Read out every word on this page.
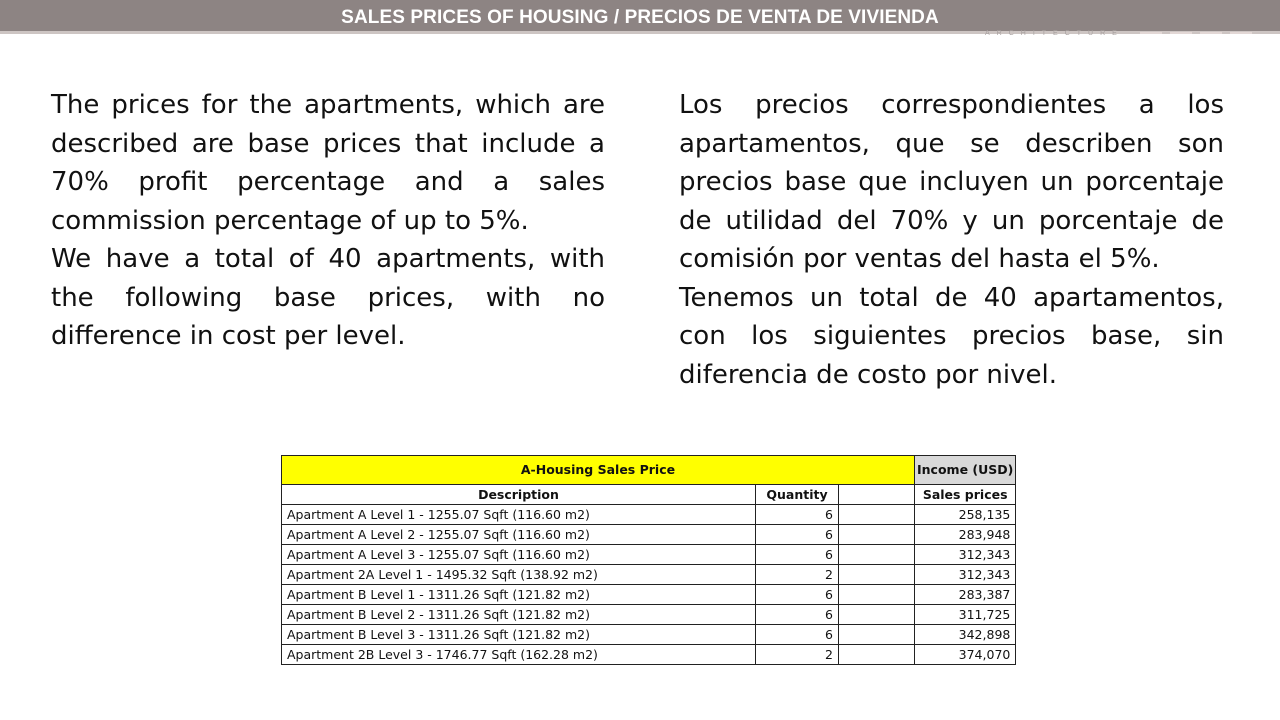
SALES PRICES OF HOUSING / PRECIOS DE VENTA DE VIVIENDA
ARCHITECTURE

The prices for the apartments, which are described are base prices that include a 70% profit percentage and a sales commission percentage of up to 5%.

We have a total of 40 apartments, with the following base prices, with no difference in cost per level.

Los precios correspondientes a los apartamentos, que se describen son precios base que incluyen un porcentaje de utilidad del 70% y un porcentaje de comisión por ventas del hasta el 5%.

Tenemos un total de 40 apartamentos, con los siguientes precios base, sin diferencia de costo por nivel.

A-Housing Sales Price			Income (USD)
Description	Quantity		Sales prices
Apartment A Level 1 - 1255.07 Sqft (116.60 m2)	6		258,135
Apartment A Level 2 - 1255.07 Sqft (116.60 m2)	6		283,948
Apartment A Level 3 - 1255.07 Sqft (116.60 m2)	6		312,343
Apartment 2A Level 1 - 1495.32 Sqft (138.92 m2)	2		312,343
Apartment B Level 1 - 1311.26 Sqft (121.82 m2)	6		283,387
Apartment B Level 2 - 1311.26 Sqft (121.82 m2)	6		311,725
Apartment B Level 3 - 1311.26 Sqft (121.82 m2)	6		342,898
Apartment 2B Level 3 - 1746.77 Sqft (162.28 m2)	2		374,070
